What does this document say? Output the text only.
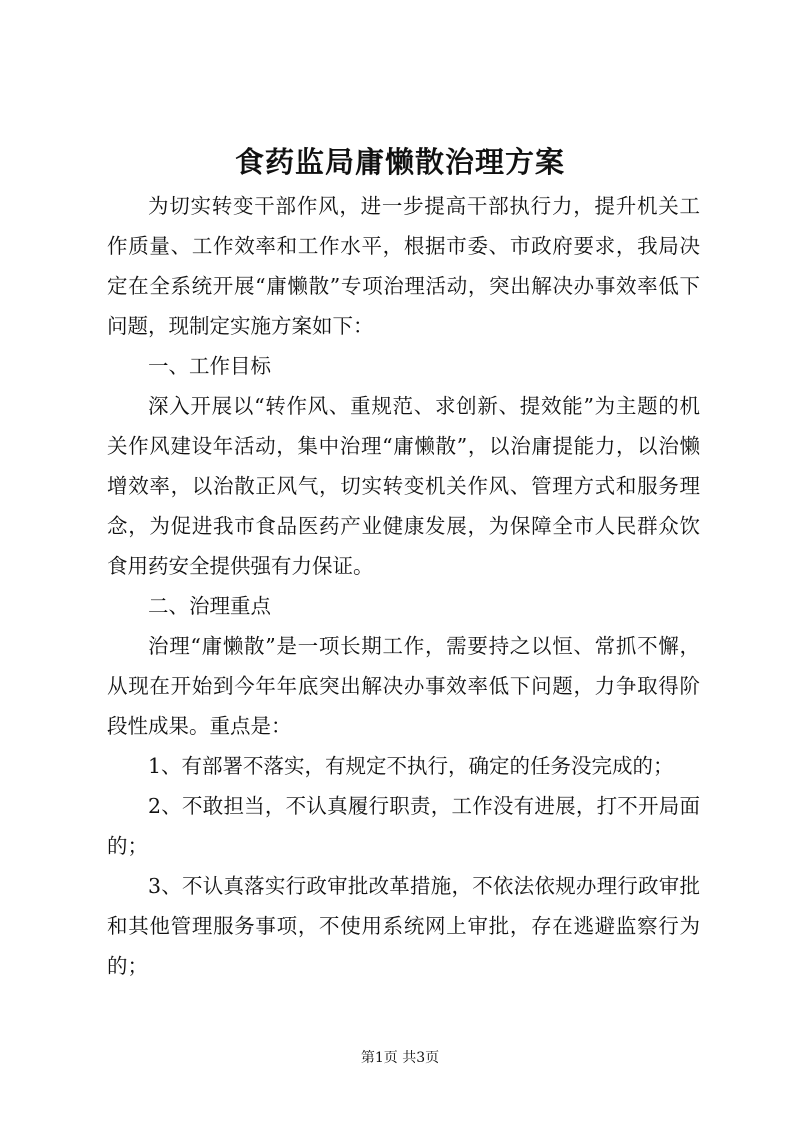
食药监局庸懒散治理方案

为切实转变干部作风，进一步提高干部执行力，提升机关工作质量、工作效率和工作水平，根据市委、市政府要求，我局决定在全系统开展“庸懒散”专项治理活动，突出解决办事效率低下问题，现制定实施方案如下：

一、工作目标

深入开展以“转作风、重规范、求创新、提效能”为主题的机关作风建设年活动，集中治理“庸懒散”，以治庸提能力，以治懒增效率，以治散正风气，切实转变机关作风、管理方式和服务理念，为促进我市食品医药产业健康发展，为保障全市人民群众饮食用药安全提供强有力保证。

二、治理重点

治理“庸懒散”是一项长期工作，需要持之以恒、常抓不懈，从现在开始到今年年底突出解决办事效率低下问题，力争取得阶段性成果。重点是：

1、有部署不落实，有规定不执行，确定的任务没完成的；

2、不敢担当，不认真履行职责，工作没有进展，打不开局面的；

3、不认真落实行政审批改革措施，不依法依规办理行政审批和其他管理服务事项，不使用系统网上审批，存在逃避监察行为的；

第1页 共3页
